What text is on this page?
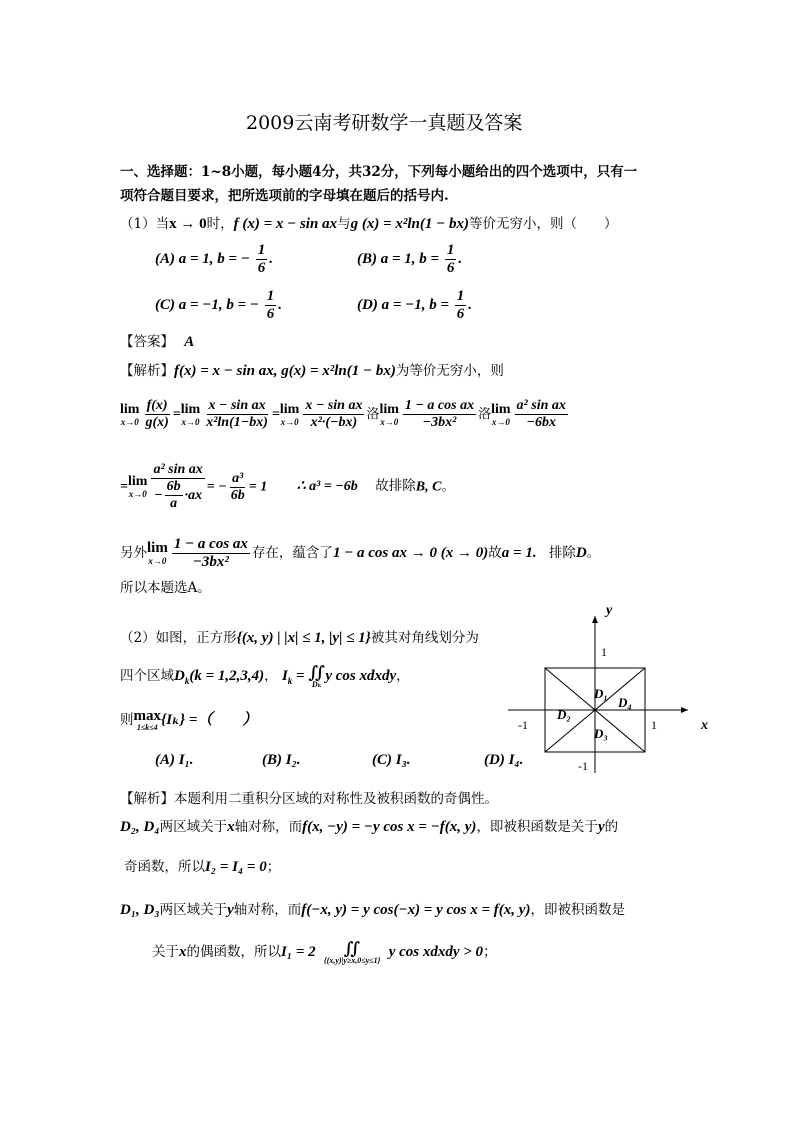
2009云南考研数学一真题及答案
一、选择题：1~8小题，每小题4分，共32分，下列每小题给出的四个选项中，只有一
项符合题目要求，把所选项前的字母填在题后的括号内.
（1）当x → 0时，f (x) = x − sin ax与g (x) = x²ln(1 − bx)等价无穷小，则（　　）
(A) a = 1, b = − $\frac{1}{6}$ .	(B) a = 1, $b = \frac{1}{6}$ .
(C) a = −1, b = − $\frac{1}{6}$ .	(D) a = −1, $b = \frac{1}{6}$ .
【答案】 A
【解析】f(x) = x − sin ax, g(x) = x²ln(1 − bx)为等价无穷小，则
lim
$x\to 0 \frac{f(x)}{g(x)} = \lim$
$x\to 0 \frac{\text{x − sin ax}}{\text{x²ln(1−bx)}} = \lim$
$x\to 0 \frac{\text{x − sin ax}}{\text{x²·(−bx)}}$ 洛 lim
$x\to 0 \frac{\text{1 − a cos ax}}{\text{−3bx²}}$ 洛 lim
$x\to 0 \frac{\text{a² sin ax}}{-6bx}$
= lim
$x\to 0 \frac{\text{a² sin ax}}{- \frac{6b}{a} \cdot ax}$ = − $\frac{\text{a³}}{6b} = 1$ ∴ a³ = −6b 故排除B, C。
另外 lim
$x\to 0 \frac{\text{1 − a cos ax}}{\text{−3bx²}}$ 存在，蕴含了1 − a cos ax → 0 (x → 0)故a = 1. 排除D。
所以本题选A。
（2）如图，正方形{(x, y) | |x| ≤ 1, |y| ≤ 1}被其对角线划分为
四个区域$D_k(k = 1,2,3,4)$， $I_k$ = ∬
Dₖ
y cos xdxdy，
则 max
1≤k≤4 {Iₖ} =（　　）
(A) I₁.	(B) I₂.	(C) I₃.	(D) I₄.
【解析】本题利用二重积分区域的对称性及被积函数的奇偶性。
D₂, D₄两区域关于x轴对称，而f(x, −y) = −y cos x = −f(x, y)，即被积函数是关于y的
奇函数，所以I₂ = I₄ = 0；
D₁, D₃两区域关于y轴对称，而f(−x, y) = y cos(−x) = y cos x = f(x, y)，即被积函数是
关于x的偶函数，所以I₁ = 2 ∬
{(x,y)|y≥x,0≤y≤1}
y cos xdxdy > 0；
y
x
1
-1
-1	1
D₁
D₂
D₃
D₄
